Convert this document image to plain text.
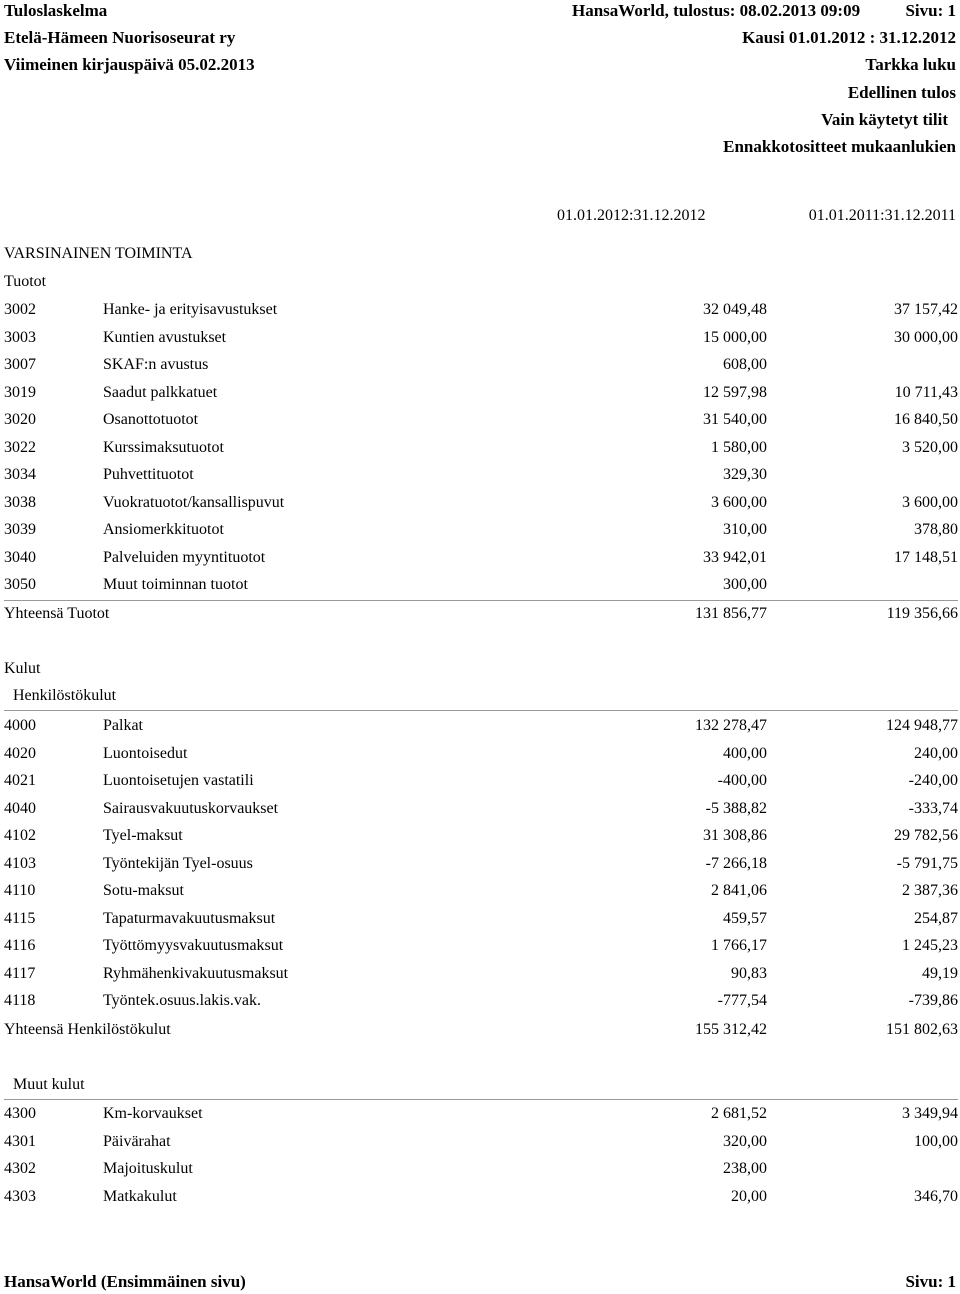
Tuloslaskelma
Etelä-Hämeen Nuorisoseurat ry
Viimeinen kirjauspäivä 05.02.2013
HansaWorld, tulostus: 08.02.2013 09:09	Sivu: 1
Kausi 01.01.2012 : 31.12.2012
Tarkka luku
Edellinen tulos
Vain käytetyt tilit
Ennakkotositteet mukaanlukien
01.01.2012:31.12.2012	01.01.2011:31.12.2011
VARSINAINEN TOIMINTA
Tuotot
3002	Hanke- ja erityisavustukset	32 049,48	37 157,42
3003	Kuntien avustukset	15 000,00	30 000,00
3007	SKAF:n avustus	608,00
3019	Saadut palkkatuet	12 597,98	10 711,43
3020	Osanottotuotot	31 540,00	16 840,50
3022	Kurssimaksutuotot	1 580,00	3 520,00
3034	Puhvettituotot	329,30
3038	Vuokratuotot/kansallispuvut	3 600,00	3 600,00
3039	Ansiomerkkituotot	310,00	378,80
3040	Palveluiden myyntituotot	33 942,01	17 148,51
3050	Muut toiminnan tuotot	300,00
Yhteensä Tuotot	131 856,77	119 356,66
Kulut
Henkilöstökulut
4000	Palkat	132 278,47	124 948,77
4020	Luontoisedut	400,00	240,00
4021	Luontoisetujen vastatili	-400,00	-240,00
4040	Sairausvakuutuskorvaukset	-5 388,82	-333,74
4102	Tyel-maksut	31 308,86	29 782,56
4103	Työntekijän Tyel-osuus	-7 266,18	-5 791,75
4110	Sotu-maksut	2 841,06	2 387,36
4115	Tapaturmavakuutusmaksut	459,57	254,87
4116	Työttömyysvakuutusmaksut	1 766,17	1 245,23
4117	Ryhmähenkivakuutusmaksut	90,83	49,19
4118	Työntek.osuus.lakis.vak.	-777,54	-739,86
Yhteensä Henkilöstökulut	155 312,42	151 802,63
Muut kulut
4300	Km-korvaukset	2 681,52	3 349,94
4301	Päivärahat	320,00	100,00
4302	Majoituskulut	238,00
4303	Matkakulut	20,00	346,70
HansaWorld (Ensimmäinen sivu)	Sivu: 1
